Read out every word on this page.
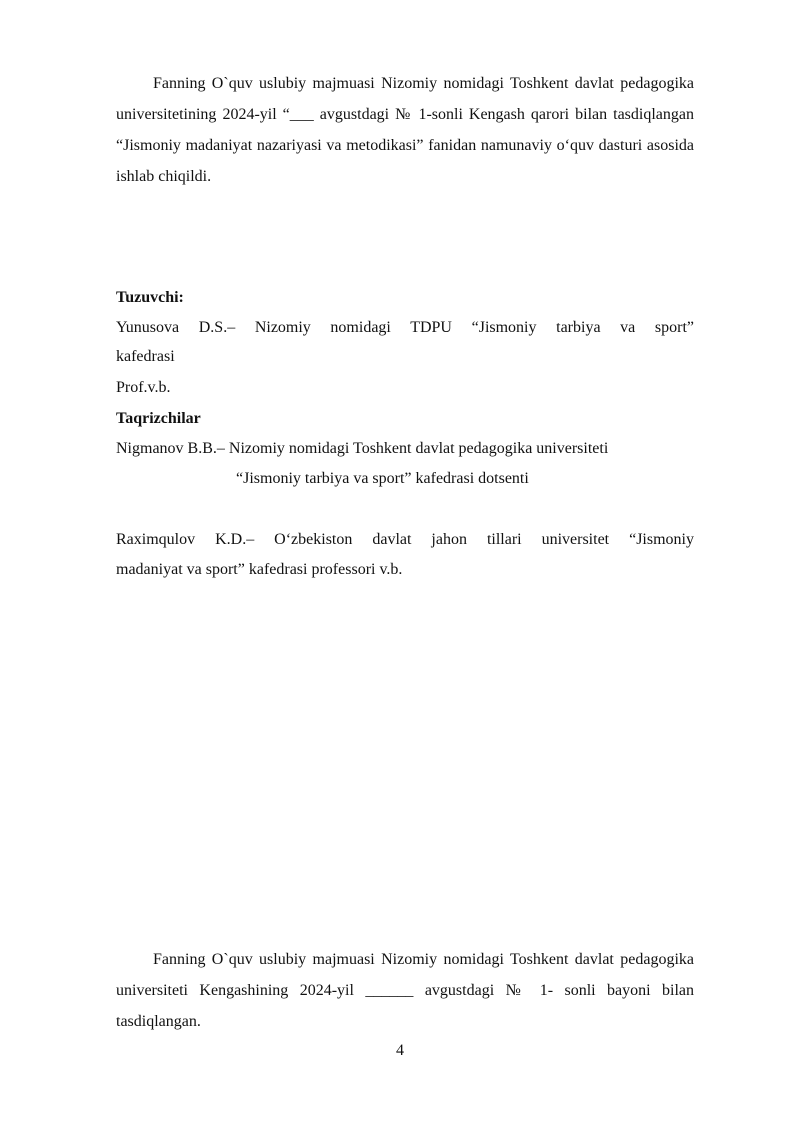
Fanning O`quv uslubiy majmuasi Nizomiy nomidagi Toshkent davlat pedagogika universitetining 2024-yil “___ avgustdagi № 1-sonli Kengash qarori bilan tasdiqlangan “Jismoniy madaniyat nazariyasi va metodikasi” fanidan namunaviy o‘quv dasturi asosida ishlab chiqildi.

Tuzuvchi:

Yunusova D.S.– Nizomiy nomidagi TDPU “Jismoniy tarbiya va sport”

kafedrasi

Prof.v.b.

Taqrizchilar

Nigmanov B.B.– Nizomiy nomidagi Toshkent davlat pedagogika universiteti

“Jismoniy tarbiya va sport” kafedrasi dotsenti

Raximqulov K.D.– O‘zbekiston davlat jahon tillari universitet “Jismoniy

madaniyat va sport” kafedrasi professori v.b.

Fanning O`quv uslubiy majmuasi Nizomiy nomidagi Toshkent davlat pedagogika universiteti Kengashining 2024-yil ______ avgustdagi № 1- sonli bayoni bilan tasdiqlangan.

4
